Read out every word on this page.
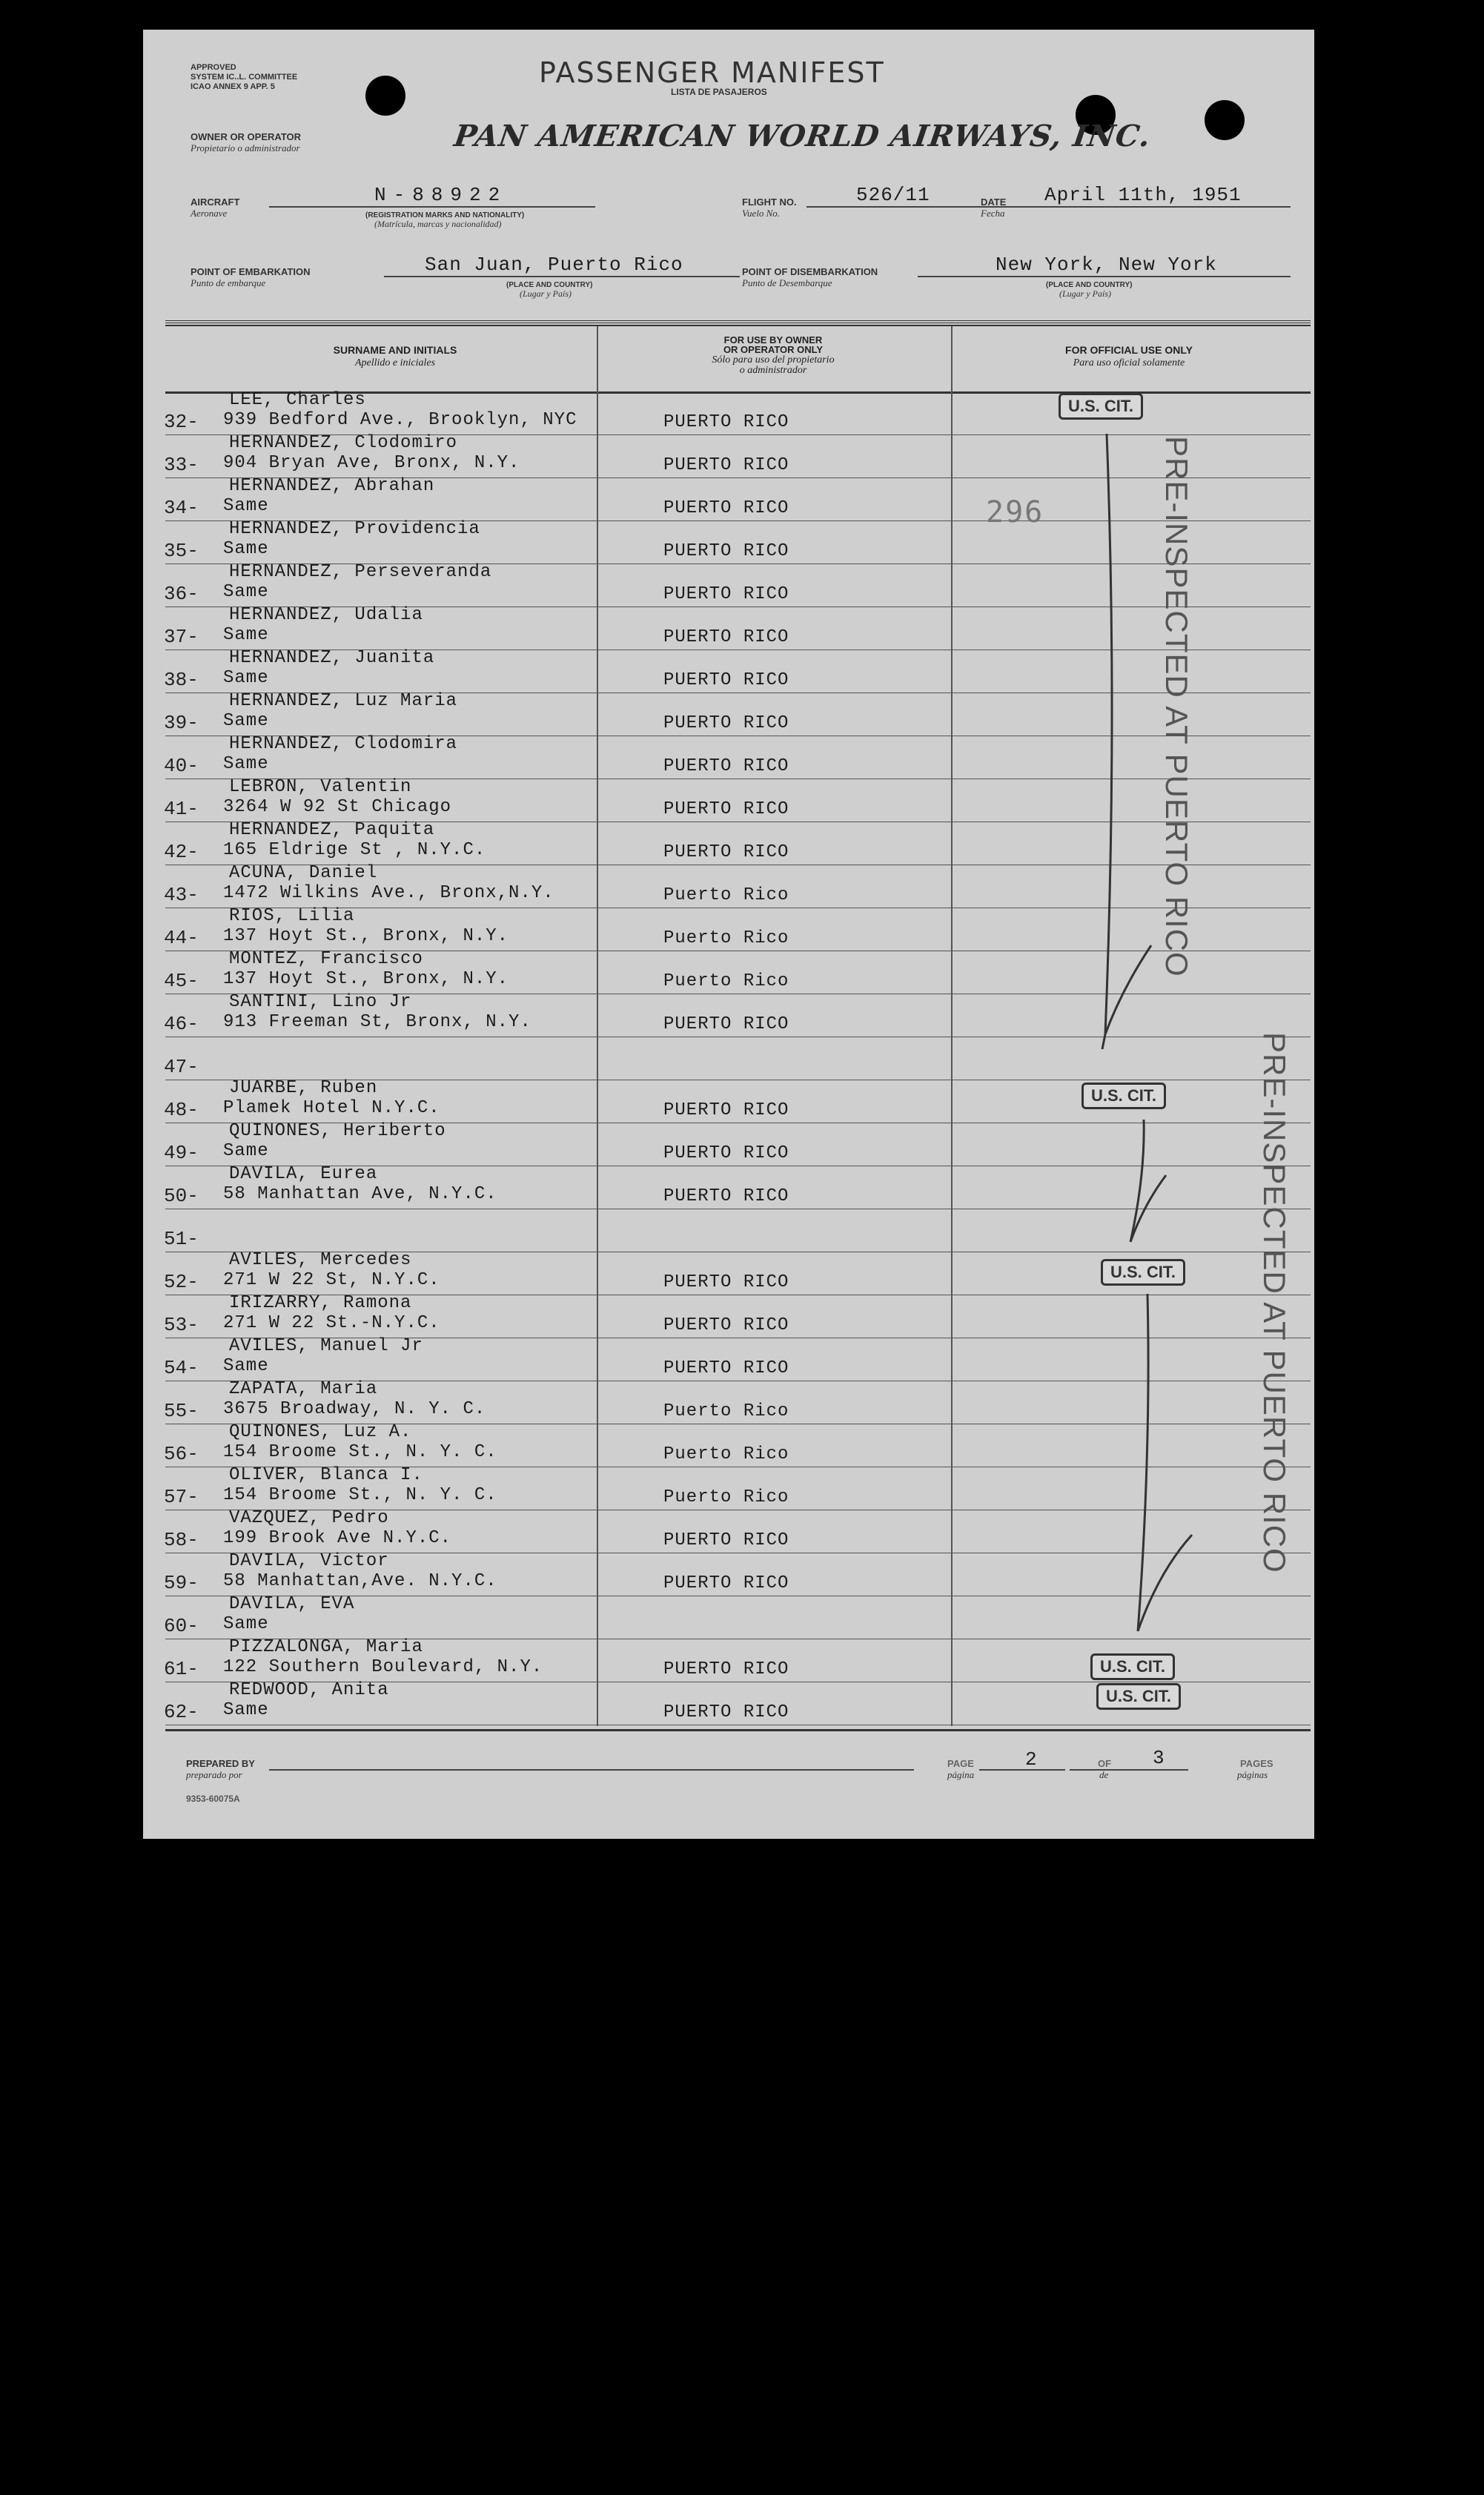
APPROVED
SYSTEM IC..L. COMMITTEE
ICAO ANNEX 9 APP. 5	PASSENGER MANIFEST
LISTA DE PASAJEROS
OWNER OR OPERATOR
Propietario o administrador	PAN AMERICAN WORLD AIRWAYS, INC.
AIRCRAFT
Aeronave
N-88922
(REGISTRATION MARKS AND NATIONALITY)
(Matrícula, marcas y nacionalidad)
FLIGHT NO.
Vuelo No.
526/11	DATE
Fecha
April 11th, 1951
POINT OF EMBARKATION
Punto de embarque
San Juan, Puerto Rico
(PLACE AND COUNTRY)
(Lugar y País)
POINT OF DISEMBARKATION
Punto de Desembarque
New York, New York
(PLACE AND COUNTRY)
(Lugar y País)
SURNAME AND INITIALS
Apellido e iniciales
FOR USE BY OWNER
OR OPERATOR ONLY
Sólo para uso del propietario
o administrador
FOR OFFICIAL USE ONLY
Para uso oficial solamente
32-
LEE, Charles
939 Bedford Ave., Brooklyn, NYC	PUERTO RICO
33-
HERNANDEZ, Clodomiro
904 Bryan Ave, Bronx, N.Y.	PUERTO RICO
34-
HERNANDEZ, Abrahan
Same	PUERTO RICO
35-
HERNANDEZ, Providencia
Same	PUERTO RICO
36-
HERNANDEZ, Perseveranda
Same	PUERTO RICO
37-
HERNANDEZ, Udalia
Same	PUERTO RICO
38-
HERNANDEZ, Juanita
Same	PUERTO RICO
39-
HERNANDEZ, Luz Maria
Same	PUERTO RICO
40-
HERNANDEZ, Clodomira
Same	PUERTO RICO
41-
LEBRON, Valentin
3264 W 92 St Chicago	PUERTO RICO
42-
HERNANDEZ, Paquita
165 Eldrige St , N.Y.C.	PUERTO RICO
43-
ACUNA, Daniel
1472 Wilkins Ave., Bronx,N.Y.	Puerto Rico
44-
RIOS, Lilia
137 Hoyt St., Bronx, N.Y.	Puerto Rico
45-
MONTEZ, Francisco
137 Hoyt St., Bronx, N.Y.	Puerto Rico
46-
SANTINI, Lino Jr
913 Freeman St, Bronx, N.Y.	PUERTO RICO
47-
48-
JUARBE, Ruben
Plamek Hotel N.Y.C.	PUERTO RICO
49-
QUINONES, Heriberto
Same	PUERTO RICO
50-
DAVILA, Eurea
58 Manhattan Ave, N.Y.C.	PUERTO RICO
51-
52-
AVILES, Mercedes
271 W 22 St, N.Y.C.	PUERTO RICO
53-
IRIZARRY, Ramona
271 W 22 St.-N.Y.C.	PUERTO RICO
54-
AVILES, Manuel Jr
Same	PUERTO RICO
55-
ZAPATA, Maria
3675 Broadway, N. Y. C.	Puerto Rico
56-
QUINONES, Luz A.
154 Broome St., N. Y. C.	Puerto Rico
57-
OLIVER, Blanca I.
154 Broome St., N. Y. C.	Puerto Rico
58-
VAZQUEZ, Pedro
199 Brook Ave N.Y.C.	PUERTO RICO
59-
DAVILA, Victor
58 Manhattan,Ave. N.Y.C.	PUERTO RICO
60-
DAVILA, EVA
Same
61-
PIZZALONGA, Maria
122 Southern Boulevard, N.Y.	PUERTO RICO
62-
REDWOOD, Anita
Same	PUERTO RICO
296
U.S. CIT.
U.S. CIT.
U.S. CIT.
U.S. CIT.
U.S. CIT.
PRE-INSPECTED AT PUERTO RICO
PRE-INSPECTED AT PUERTO RICO
PREPARED BY
preparado por
PAGE
página
2	OF
de
3	PAGES
páginas
9353-60075A
